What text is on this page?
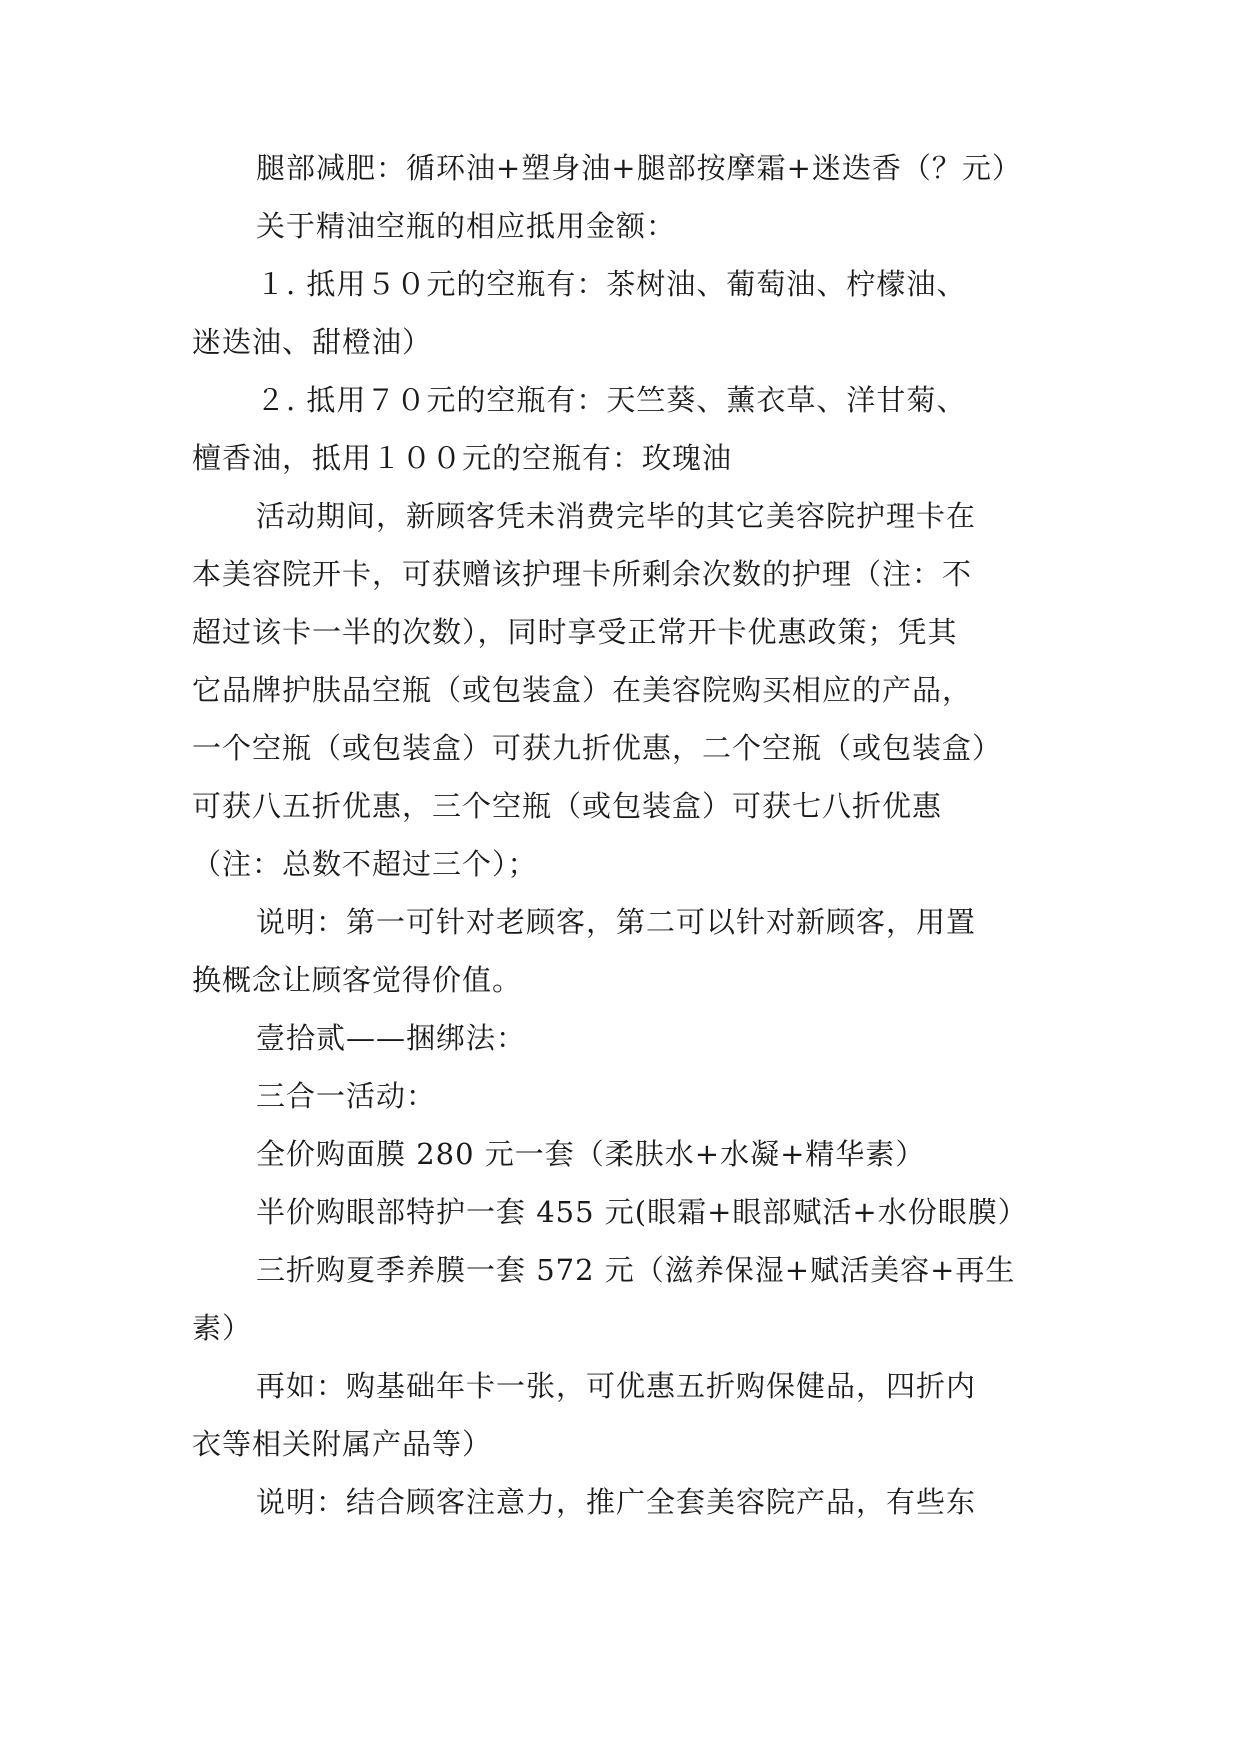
腿部减肥：循环油+塑身油+腿部按摩霜+迷迭香（？元）
关于精油空瓶的相应抵用金额：
１. 抵用５０元的空瓶有：茶树油、葡萄油、柠檬油、
迷迭油、甜橙油）
２. 抵用７０元的空瓶有：天竺葵、薰衣草、洋甘菊、
檀香油，抵用１００元的空瓶有：玫瑰油
活动期间，新顾客凭未消费完毕的其它美容院护理卡在
本美容院开卡，可获赠该护理卡所剩余次数的护理（注：不
超过该卡一半的次数），同时享受正常开卡优惠政策；凭其
它品牌护肤品空瓶（或包装盒）在美容院购买相应的产品，
一个空瓶（或包装盒）可获九折优惠，二个空瓶（或包装盒）
可获八五折优惠，三个空瓶（或包装盒）可获七八折优惠
（注：总数不超过三个）；
说明：第一可针对老顾客，第二可以针对新顾客，用置
换概念让顾客觉得价值。
壹拾贰——捆绑法：
三合一活动：
全价购面膜 280 元一套（柔肤水+水凝+精华素）
半价购眼部特护一套 455 元(眼霜+眼部赋活+水份眼膜）
三折购夏季养膜一套 572 元（滋养保湿+赋活美容+再生
素）
再如：购基础年卡一张，可优惠五折购保健品，四折内
衣等相关附属产品等）
说明：结合顾客注意力，推广全套美容院产品，有些东
